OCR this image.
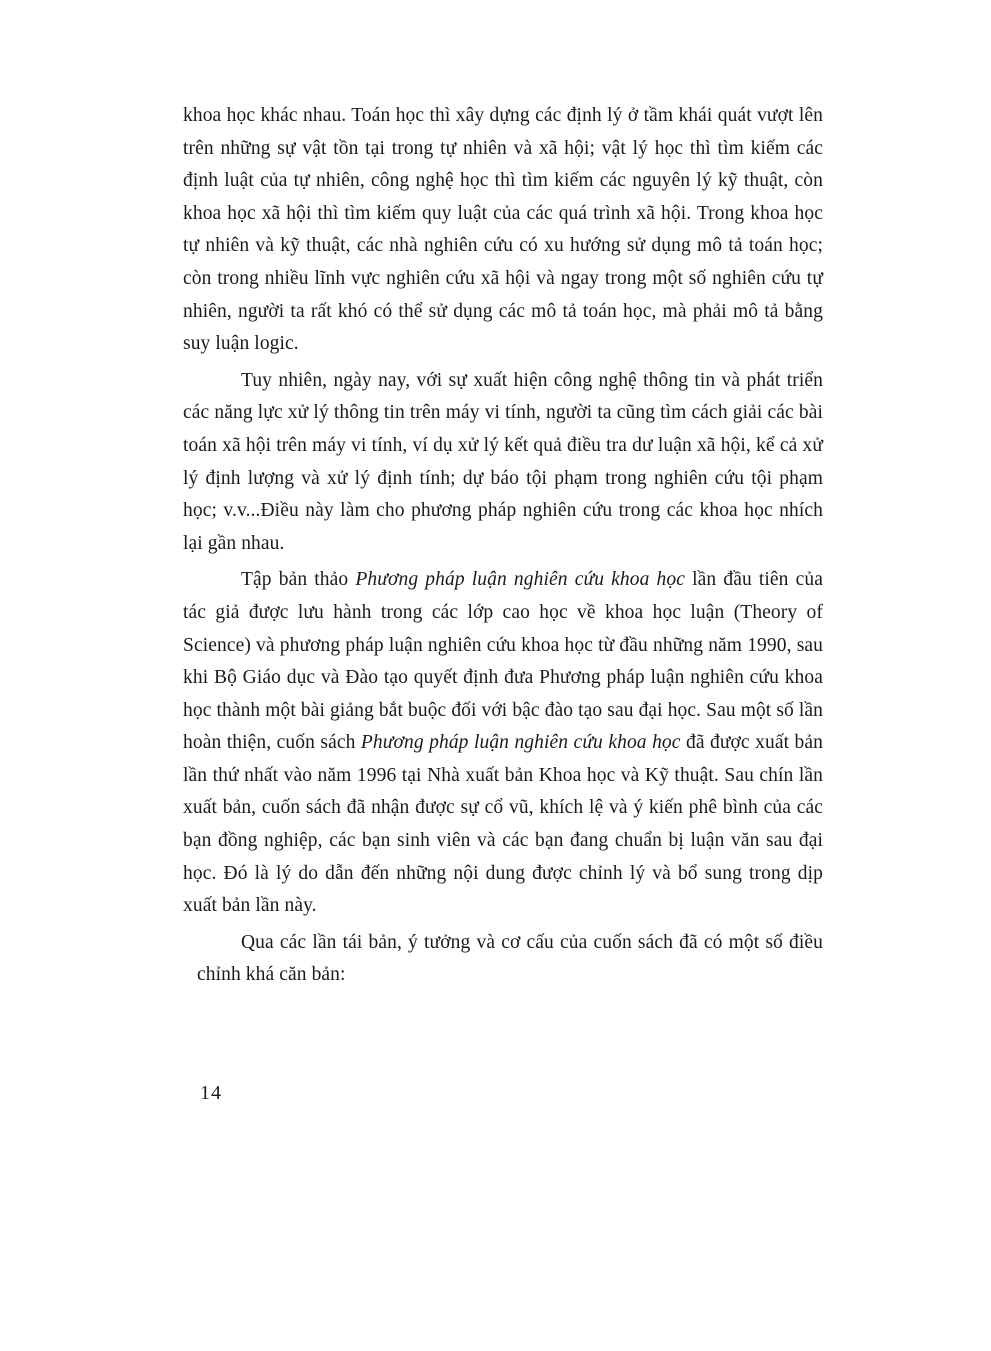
khoa học khác nhau. Toán học thì xây dựng các định lý ở tầm khái quát vượt lên trên những sự vật tồn tại trong tự nhiên và xã hội; vật lý học thì tìm kiếm các định luật của tự nhiên, công nghệ học thì tìm kiếm các nguyên lý kỹ thuật, còn khoa học xã hội thì tìm kiếm quy luật của các quá trình xã hội. Trong khoa học tự nhiên và kỹ thuật, các nhà nghiên cứu có xu hướng sử dụng mô tả toán học; còn trong nhiều lĩnh vực nghiên cứu xã hội và ngay trong một số nghiên cứu tự nhiên, người ta rất khó có thể sử dụng các mô tả toán học, mà phải mô tả bằng suy luận logic.

Tuy nhiên, ngày nay, với sự xuất hiện công nghệ thông tin và phát triển các năng lực xử lý thông tin trên máy vi tính, người ta cũng tìm cách giải các bài toán xã hội trên máy vi tính, ví dụ xử lý kết quả điều tra dư luận xã hội, kể cả xử lý định lượng và xử lý định tính; dự báo tội phạm trong nghiên cứu tội phạm học; v.v...Điều này làm cho phương pháp nghiên cứu trong các khoa học nhích lại gần nhau.

Tập bản thảo Phương pháp luận nghiên cứu khoa học lần đầu tiên của tác giả được lưu hành trong các lớp cao học về khoa học luận (Theory of Science) và phương pháp luận nghiên cứu khoa học từ đầu những năm 1990, sau khi Bộ Giáo dục và Đào tạo quyết định đưa Phương pháp luận nghiên cứu khoa học thành một bài giảng bắt buộc đối với bậc đào tạo sau đại học. Sau một số lần hoàn thiện, cuốn sách Phương pháp luận nghiên cứu khoa học đã được xuất bản lần thứ nhất vào năm 1996 tại Nhà xuất bản Khoa học và Kỹ thuật. Sau chín lần xuất bản, cuốn sách đã nhận được sự cổ vũ, khích lệ và ý kiến phê bình của các bạn đồng nghiệp, các bạn sinh viên và các bạn đang chuẩn bị luận văn sau đại học. Đó là lý do dẫn đến những nội dung được chỉnh lý và bổ sung trong dịp xuất bản lần này.

Qua các lần tái bản, ý tưởng và cơ cấu của cuốn sách đã có một số điều chỉnh khá căn bản:

14
